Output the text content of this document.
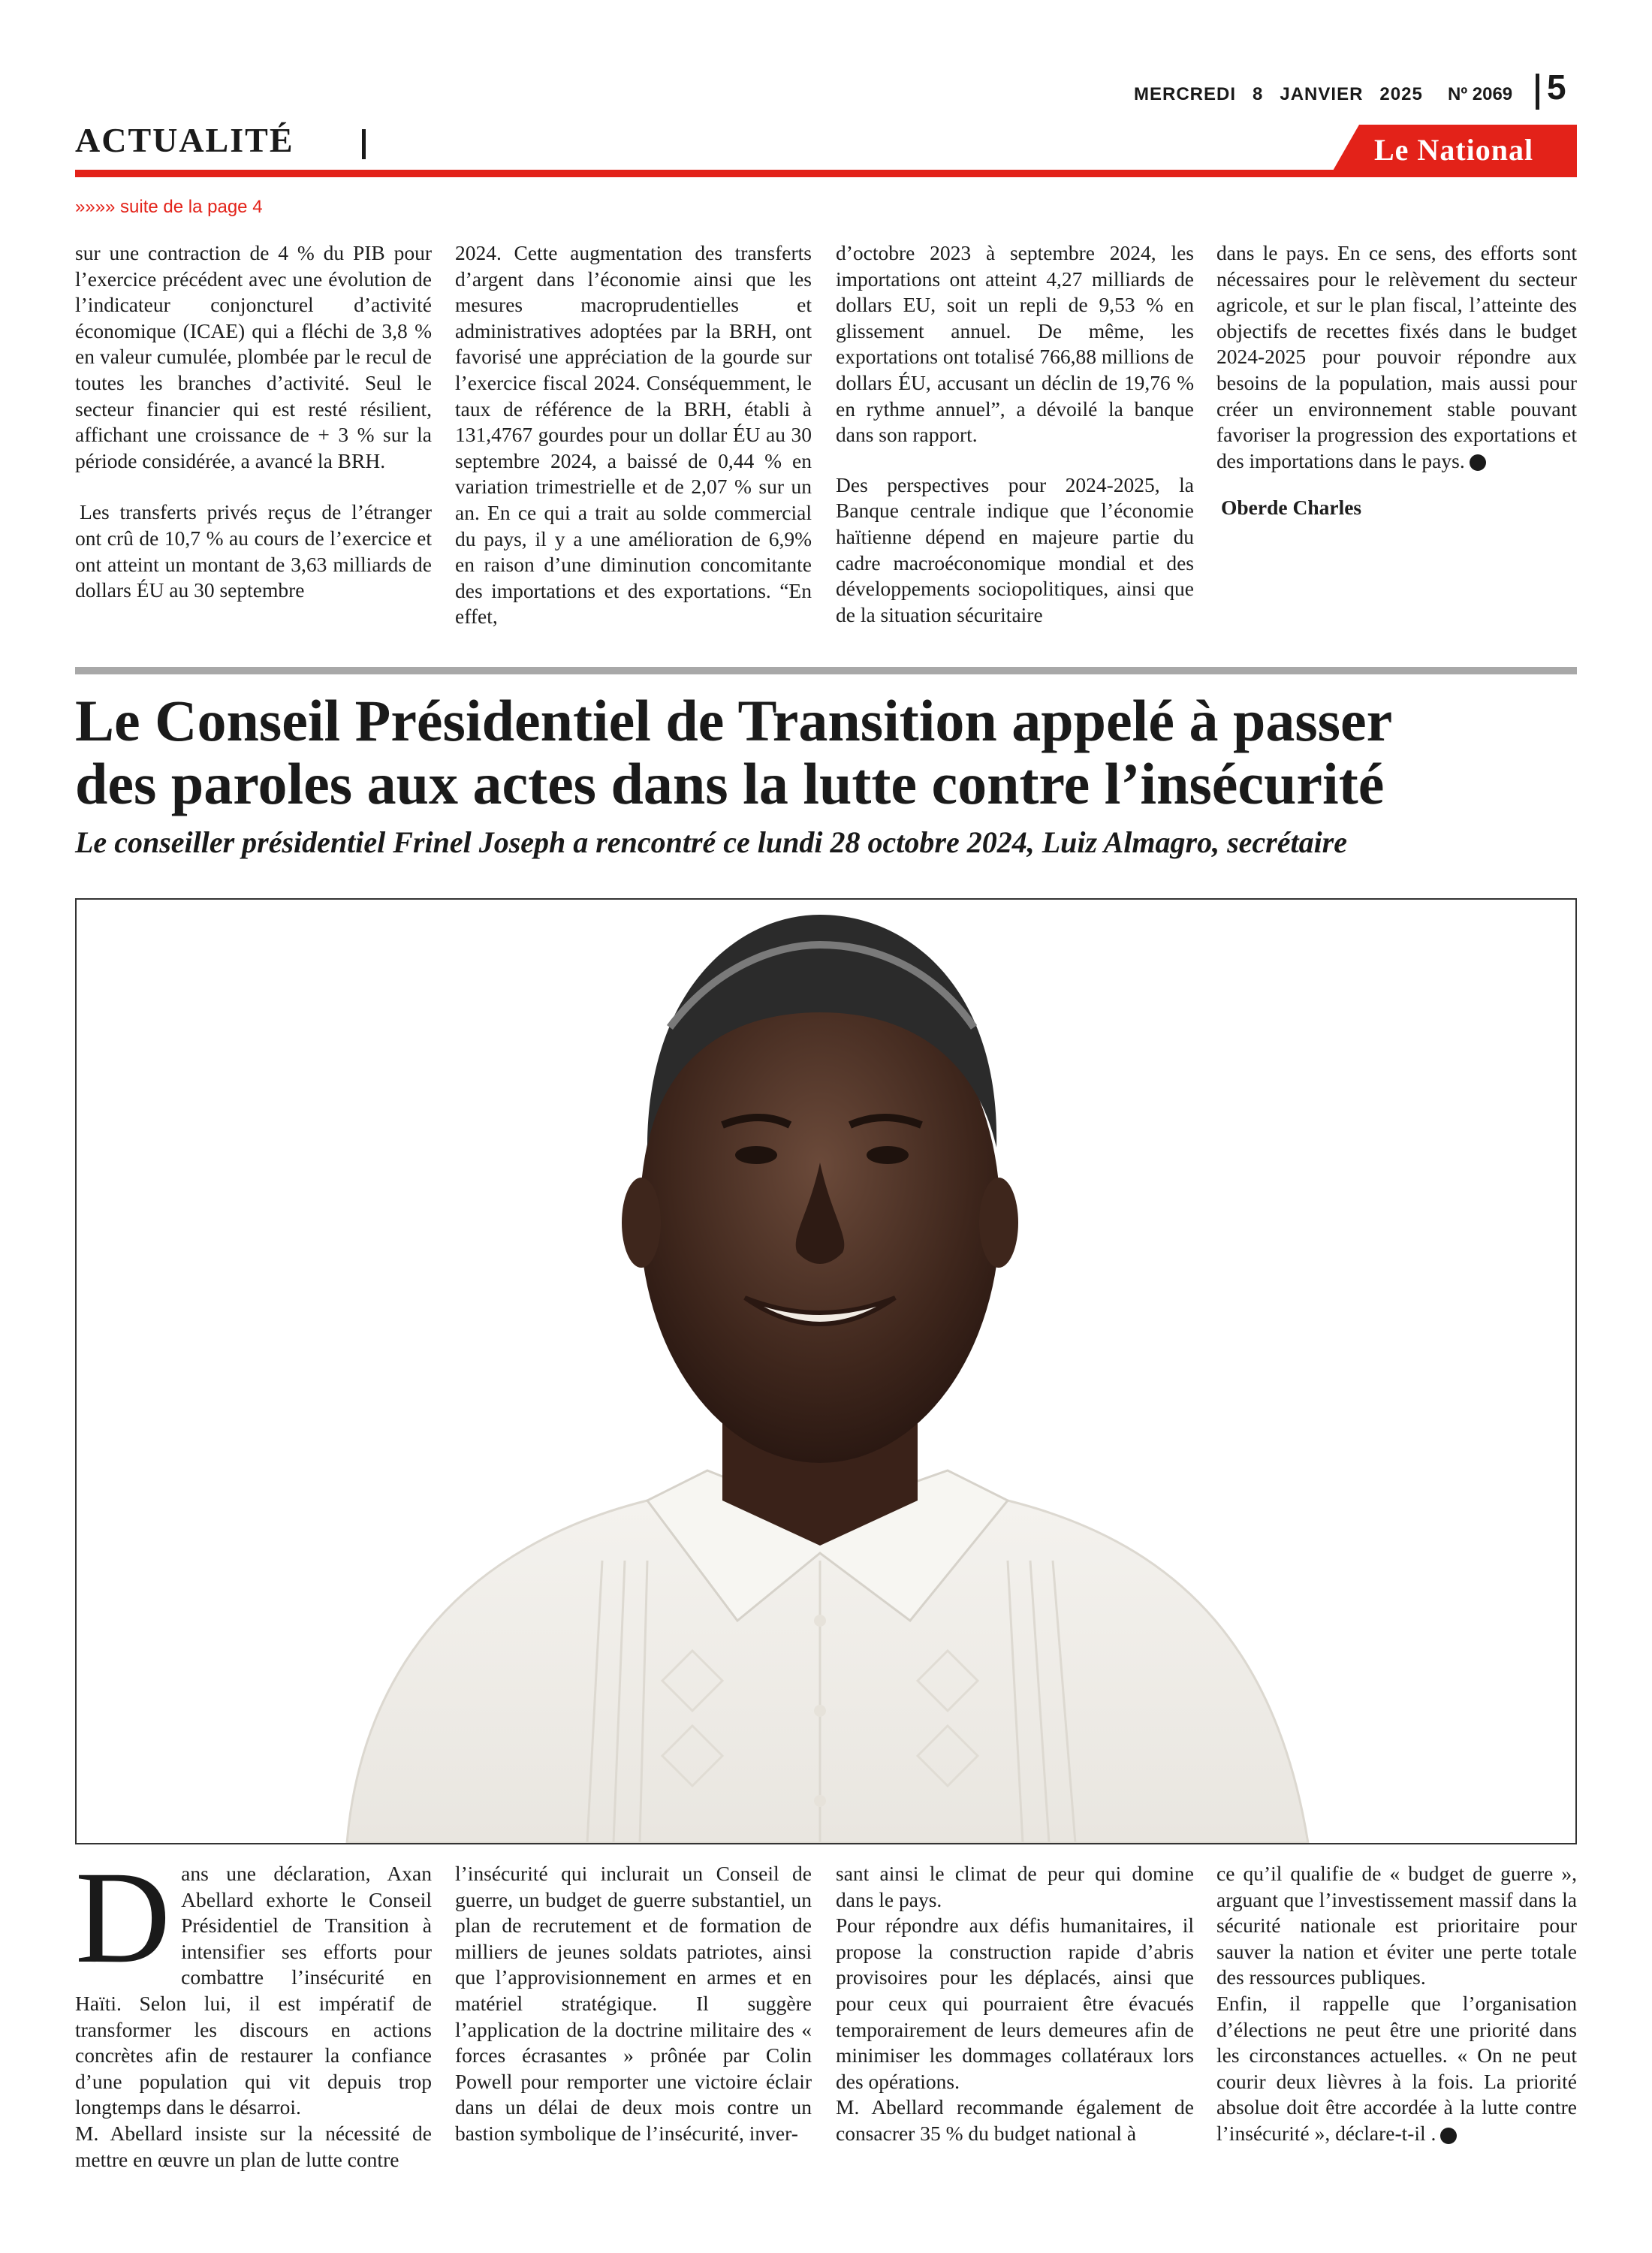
MERCREDI 8 JANVIER 2025	Nº 2069 5
ACTUALITÉ	Le National
»»»» suite de la page 4

sur une contraction de 4 % du PIB pour l’exercice précédent avec une évolution de l’indicateur conjoncturel d’activité économique (ICAE) qui a fléchi de 3,8 % en valeur cumulée, plombée par le recul de toutes les branches d’activité. Seul le secteur financier qui est resté résilient, affichant une croissance de + 3 % sur la période considérée, a avancé la BRH.

Les transferts privés reçus de l’étranger ont crû de 10,7 % au cours de l’exercice et ont atteint un montant de 3,63 milliards de dollars ÉU au 30 septembre

2024. Cette augmentation des transferts d’argent dans l’économie ainsi que les mesures macroprudentielles et administratives adoptées par la BRH, ont favorisé une appréciation de la gourde sur l’exercice fiscal 2024. Conséquemment, le taux de référence de la BRH, établi à 131,4767 gourdes pour un dollar ÉU au 30 septembre 2024, a baissé de 0,44 % en variation trimestrielle et de 2,07 % sur un an. En ce qui a trait au solde commercial du pays, il y a une amélioration de 6,9% en raison d’une diminution concomitante des importations et des exportations. “En effet,

d’octobre 2023 à septembre 2024, les importations ont atteint 4,27 milliards de dollars EU, soit un repli de 9,53 % en glissement annuel. De même, les exportations ont totalisé 766,88 millions de dollars ÉU, accusant un déclin de 19,76 % en rythme annuel”, a dévoilé la banque dans son rapport.

Des perspectives pour 2024-2025, la Banque centrale indique que l’économie haïtienne dépend en majeure partie du cadre macroéconomique mondial et des développements sociopolitiques, ainsi que de la situation sécuritaire

dans le pays. En ce sens, des efforts sont nécessaires pour le relèvement du secteur agricole, et sur le plan fiscal, l’atteinte des objectifs de recettes fixés dans le budget 2024-2025 pour pouvoir répondre aux besoins de la population, mais aussi pour créer un environnement stable pouvant favoriser la progression des exportations et des importations dans le pays.

Oberde Charles

Le Conseil Présidentiel de Transition appelé à passer
des paroles aux actes dans la lutte contre l’insécurité
Le conseiller présidentiel Frinel Joseph a rencontré ce lundi 28 octobre 2024, Luiz Almagro, secrétaire

Dans une déclaration, Axan Abellard exhorte le Conseil Présidentiel de Transition à intensifier ses efforts pour combattre l’insécurité en Haïti. Selon lui, il est impératif de transformer les discours en actions concrètes afin de restaurer la confiance d’une population qui vit depuis trop longtemps dans le désarroi.

M. Abellard insiste sur la nécessité de mettre en œuvre un plan de lutte contre

l’insécurité qui inclurait un Conseil de guerre, un budget de guerre substantiel, un plan de recrutement et de formation de milliers de jeunes soldats patriotes, ainsi que l’approvisionnement en armes et en matériel stratégique. Il suggère l’application de la doctrine militaire des « forces écrasantes » prônée par Colin Powell pour remporter une victoire éclair dans un délai de deux mois contre un bastion symbolique de l’insécurité, inver-

sant ainsi le climat de peur qui domine dans le pays.

Pour répondre aux défis humanitaires, il propose la construction rapide d’abris provisoires pour les déplacés, ainsi que pour ceux qui pourraient être évacués temporairement de leurs demeures afin de minimiser les dommages collatéraux lors des opérations.

M. Abellard recommande également de consacrer 35 % du budget national à

ce qu’il qualifie de « budget de guerre », arguant que l’investissement massif dans la sécurité nationale est prioritaire pour sauver la nation et éviter une perte totale des ressources publiques.

Enfin, il rappelle que l’organisation d’élections ne peut être une priorité dans les circonstances actuelles. « On ne peut courir deux lièvres à la fois. La priorité absolue doit être accordée à la lutte contre l’insécurité », déclare-t-il .
